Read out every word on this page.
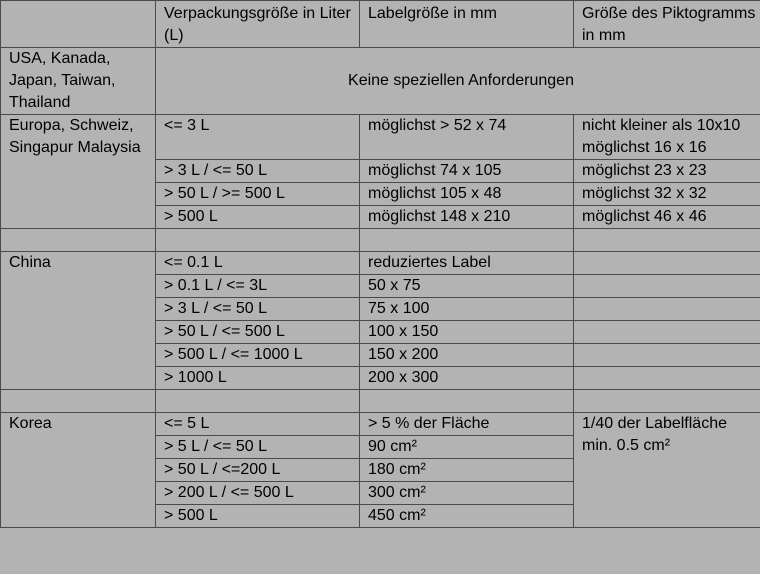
	Verpackungsgröße in Liter (L)	Labelgröße in mm	Größe des Piktogramms in mm
USA, Kanada, Japan, Taiwan, Thailand	Keine speziellen Anforderungen		
Europa, Schweiz, Singapur Malaysia	<= 3 L	möglichst > 52 x 74	nicht kleiner als 10x10 möglichst 16 x 16
	> 3 L / <= 50 L	möglichst 74 x 105	möglichst 23 x 23
	> 50 L / >= 500 L	möglichst 105 x 48	möglichst 32 x 32
	> 500 L	möglichst 148 x 210	möglichst 46 x 46

China	<= 0.1 L	reduziertes Label	
	> 0.1 L / <= 3L	50 x 75	
	> 3 L / <= 50 L	75 x 100	
	> 50 L / <= 500 L	100 x 150	
	> 500 L / <= 1000 L	150 x 200	
	> 1000 L	200 x 300	

Korea	<= 5 L	> 5 % der Fläche	1/40 der Labelfläche min. 0.5 cm²
	> 5 L / <= 50 L	90 cm²	
	> 50 L / <=200 L	180 cm²	
	> 200 L / <= 500 L	300 cm²	
	> 500 L	450 cm²	
